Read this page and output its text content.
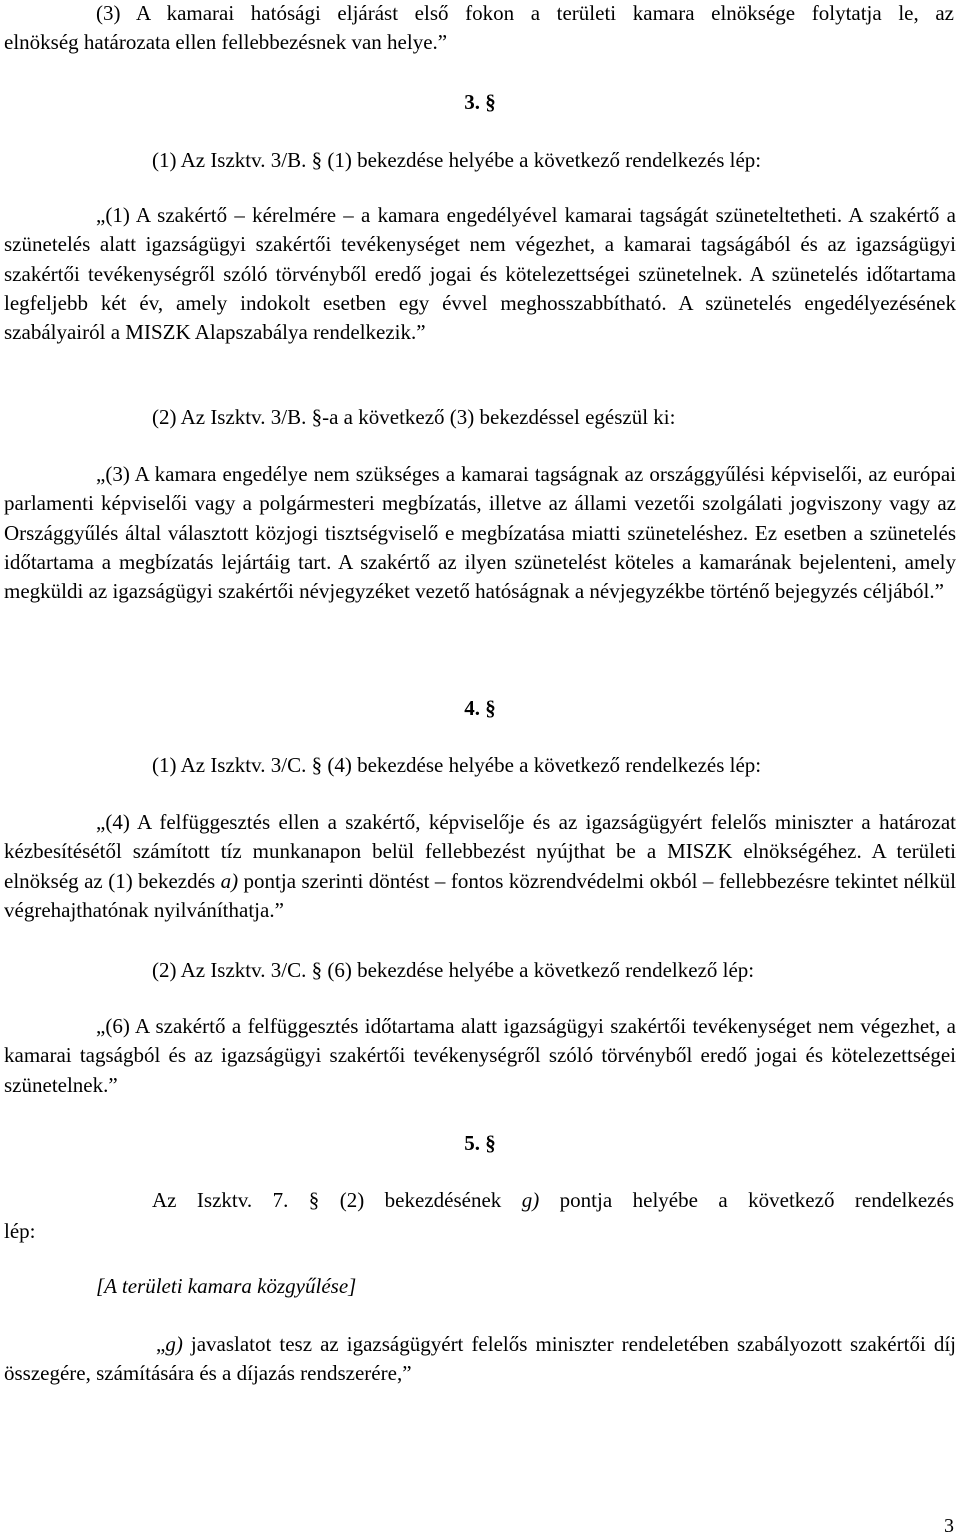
(3) A kamarai hatósági eljárást első fokon a területi kamara elnöksége folytatja le, az
elnökség határozata ellen fellebbezésnek van helye.”
3. §
(1) Az Iszktv. 3/B. § (1) bekezdése helyébe a következő rendelkezés lép:
„(1) A szakértő – kérelmére – a kamara engedélyével kamarai tagságát szüneteltetheti. A szakértő a szünetelés alatt igazságügyi szakértői tevékenységet nem végezhet, a kamarai tagságából és az igazságügyi szakértői tevékenységről szóló törvényből eredő jogai és kötelezettségei szünetelnek. A szünetelés időtartama legfeljebb két év, amely indokolt esetben egy évvel meghosszabbítható. A szünetelés engedélyezésének szabályairól a MISZK Alapszabálya rendelkezik.”
(2) Az Iszktv. 3/B. §-a a következő (3) bekezdéssel egészül ki:
„(3) A kamara engedélye nem szükséges a kamarai tagságnak az országgyűlési képviselői, az európai parlamenti képviselői vagy a polgármesteri megbízatás, illetve az állami vezetői szolgálati jogviszony vagy az Országgyűlés által választott közjogi tisztségviselő e megbízatása miatti szüneteléshez. Ez esetben a szünetelés időtartama a megbízatás lejártáig tart. A szakértő az ilyen szünetelést köteles a kamarának bejelenteni, amely megküldi az igazságügyi szakértői névjegyzéket vezető hatóságnak a névjegyzékbe történő bejegyzés céljából.”
4. §
(1) Az Iszktv. 3/C. § (4) bekezdése helyébe a következő rendelkezés lép:
„(4) A felfüggesztés ellen a szakértő, képviselője és az igazságügyért felelős miniszter a határozat kézbesítésétől számított tíz munkanapon belül fellebbezést nyújthat be a MISZK elnökségéhez. A területi elnökség az (1) bekezdés a) pontja szerinti döntést – fontos közrendvédelmi okból – fellebbezésre tekintet nélkül végrehajthatónak nyilváníthatja.”
(2) Az Iszktv. 3/C. § (6) bekezdése helyébe a következő rendelkező lép:
„(6) A szakértő a felfüggesztés időtartama alatt igazságügyi szakértői tevékenységet nem végezhet, a kamarai tagságból és az igazságügyi szakértői tevékenységről szóló törvényből eredő jogai és kötelezettségei szünetelnek.”
5. §
Az Iszktv. 7. § (2) bekezdésének g) pontja helyébe a következő rendelkezés
lép:
[A területi kamara közgyűlése]
„g) javaslatot tesz az igazságügyért felelős miniszter rendeletében szabályozott szakértői díj összegére, számítására és a díjazás rendszerére,”
3
